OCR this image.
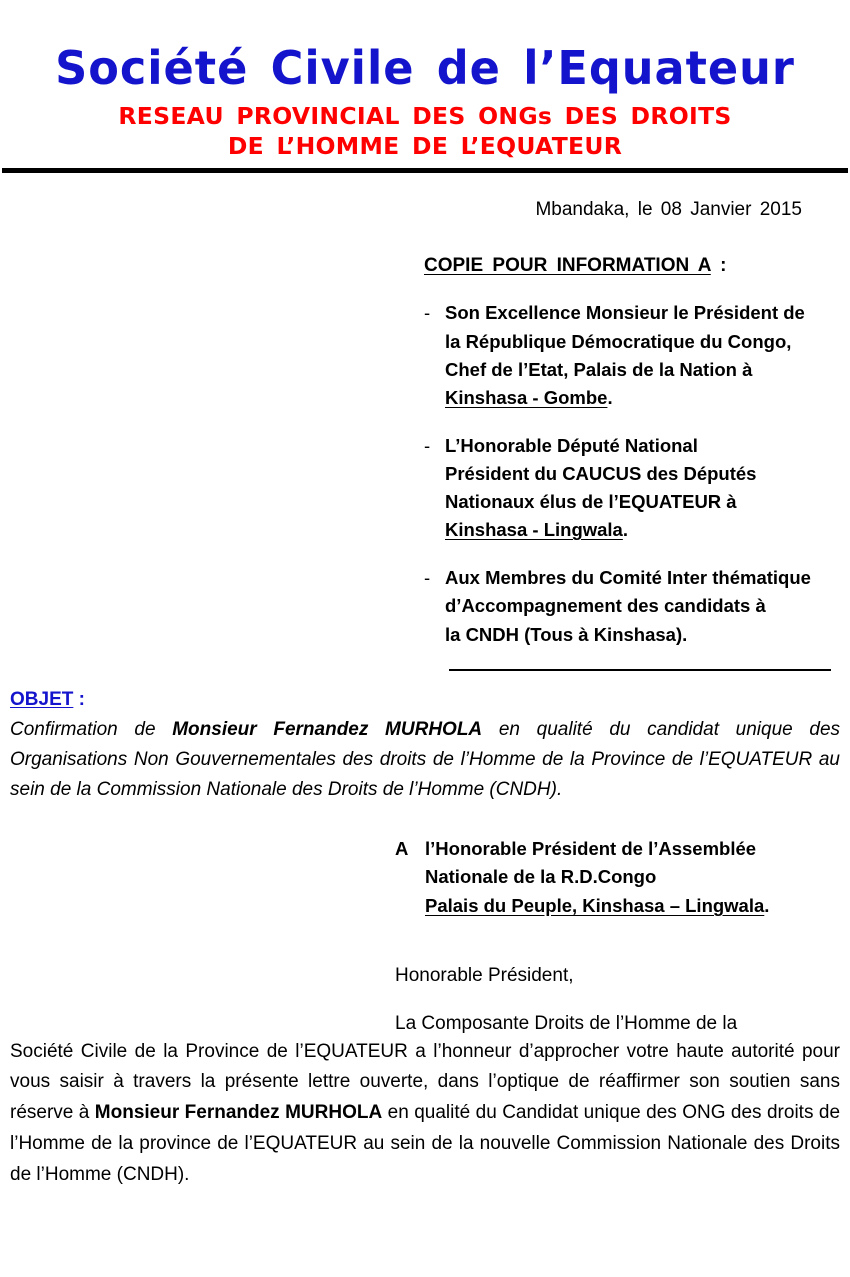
Société Civile de l’Equateur
RESEAU PROVINCIAL DES ONGs DES DROITS
DE L’HOMME DE L’EQUATEUR
Mbandaka, le 08 Janvier 2015
COPIE POUR INFORMATION A :
- Son Excellence Monsieur le Président de
la République Démocratique du Congo,
Chef de l’Etat, Palais de la Nation à
Kinshasa - Gombe.
- L’Honorable Député National
Président du CAUCUS des Députés
Nationaux élus de l’EQUATEUR à
Kinshasa - Lingwala.
- Aux Membres du Comité Inter thématique
d’Accompagnement des candidats à
la CNDH (Tous à Kinshasa).
OBJET :
Confirmation de Monsieur Fernandez MURHOLA en qualité du candidat unique des Organisations Non Gouvernementales des droits de l’Homme de la Province de l’EQUATEUR au sein de la Commission Nationale des Droits de l’Homme (CNDH).
A l’Honorable Président de l’Assemblée
Nationale de la R.D.Congo
Palais du Peuple, Kinshasa – Lingwala.
Honorable Président,
La Composante Droits de l’Homme de la
Société Civile de la Province de l’EQUATEUR a l’honneur d’approcher votre haute autorité pour vous saisir à travers la présente lettre ouverte, dans l’optique de réaffirmer son soutien sans réserve à Monsieur Fernandez MURHOLA en qualité du Candidat unique des ONG des droits de l’Homme de la province de l’EQUATEUR au sein de la nouvelle Commission Nationale des Droits de l’Homme (CNDH).
